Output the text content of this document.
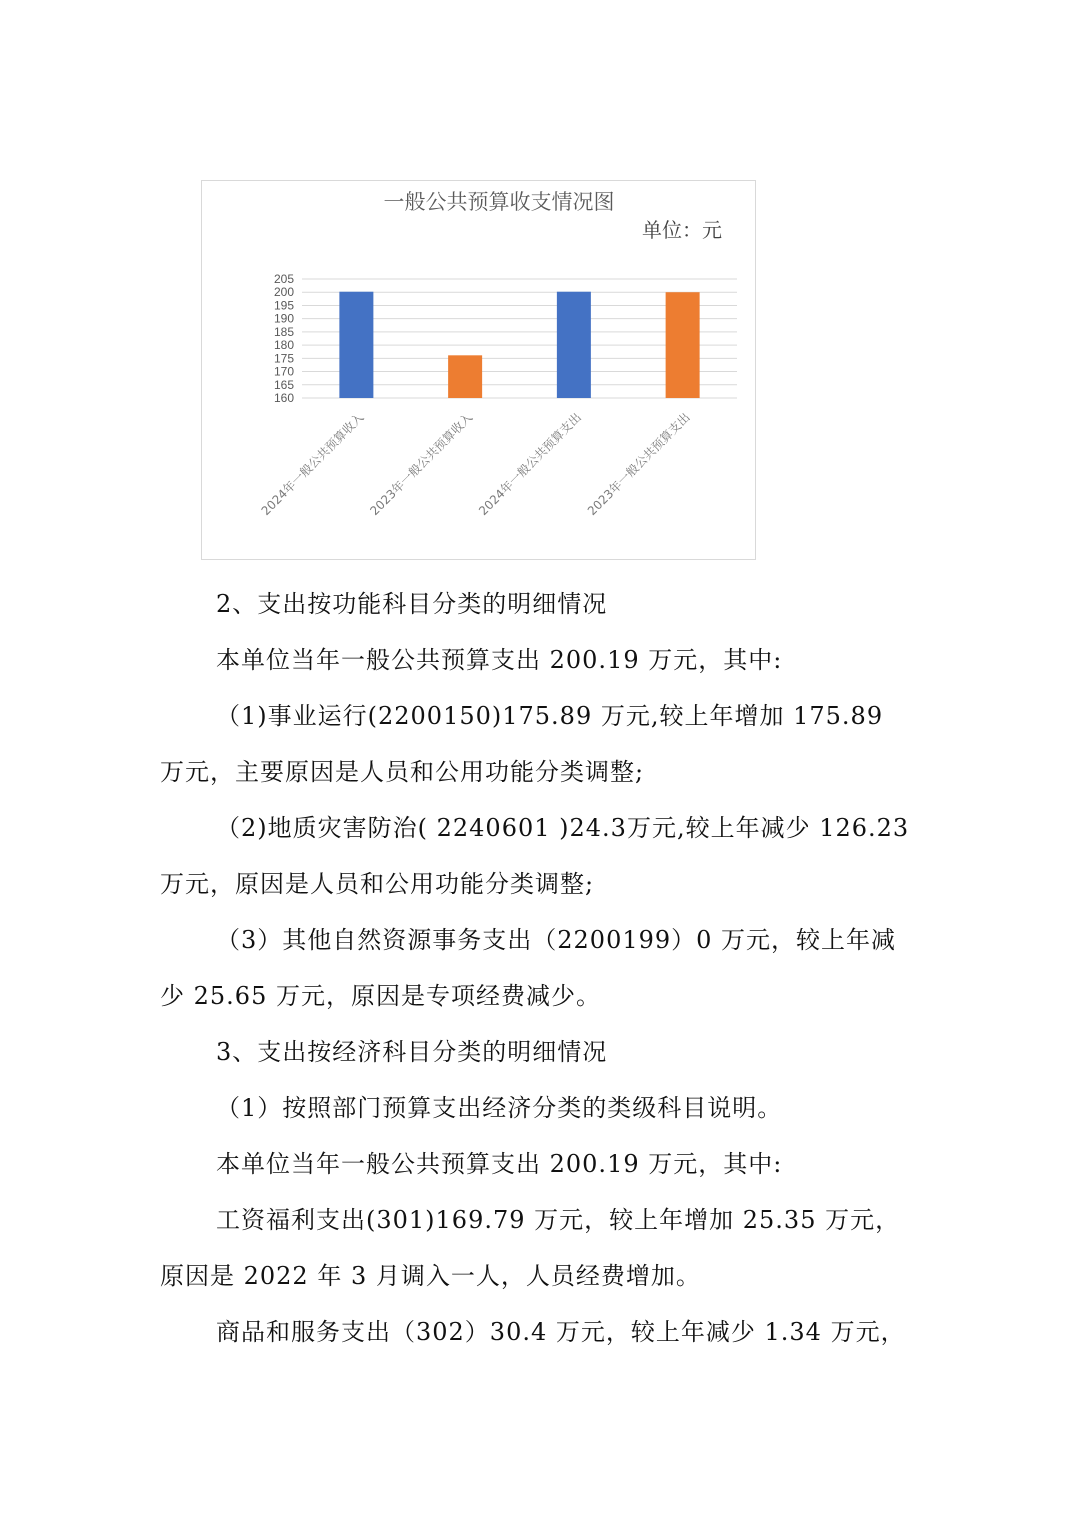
一般公共预算收支情况图
单位：元
160
165
170
175
180
185
190
195
200
205
2024年一般公共预算收入 2023年一般公共预算收入 2024年一般公共预算支出 2023年一般公共预算支出

2、支出按功能科目分类的明细情况

本单位当年一般公共预算支出 200.19 万元，其中:

（1)事业运行(2200150)175.89 万元,较上年增加 175.89

万元，主要原因是人员和公用功能分类调整;

（2)地质灾害防治( 2240601 )24.3万元,较上年减少 126.23

万元，原因是人员和公用功能分类调整;

（3）其他自然资源事务支出（2200199）0 万元，较上年减

少 25.65 万元，原因是专项经费减少。

3、支出按经济科目分类的明细情况

（1）按照部门预算支出经济分类的类级科目说明。

本单位当年一般公共预算支出 200.19 万元，其中:

工资福利支出(301)169.79 万元，较上年增加 25.35 万元，

原因是 2022 年 3 月调入一人，人员经费增加。

商品和服务支出（302）30.4 万元，较上年减少 1.34 万元，
